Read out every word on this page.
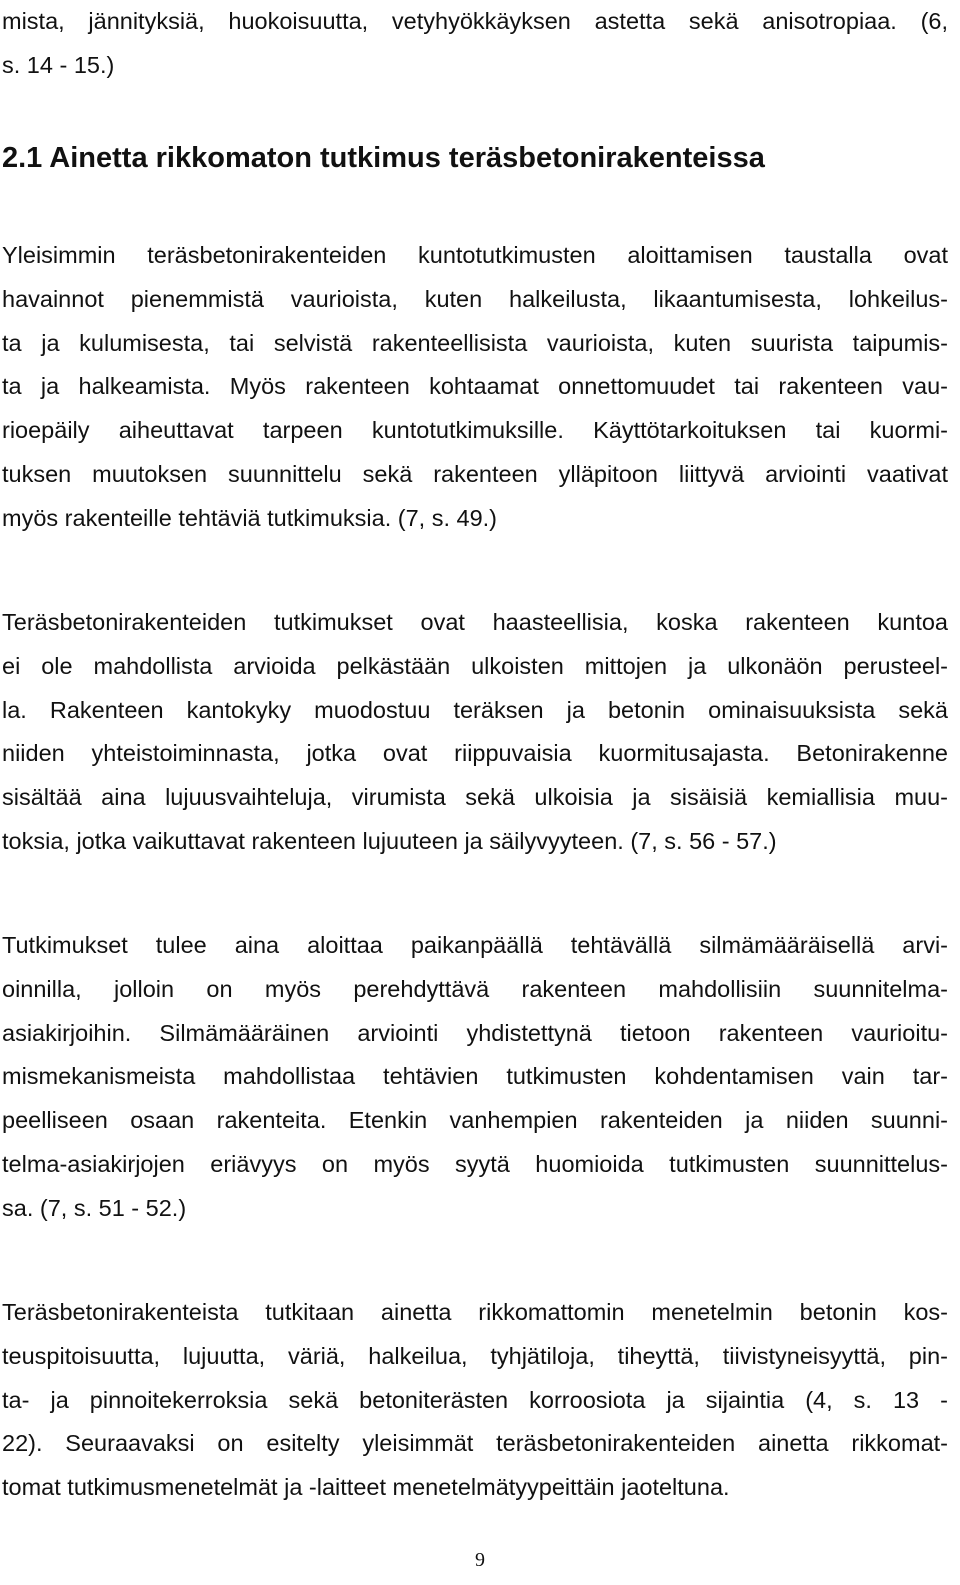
mista, jännityksiä, huokoisuutta, vetyhyökkäyksen astetta sekä anisotropiaa. (6,
s. 14 - 15.)
2.1 Ainetta rikkomaton tutkimus teräsbetonirakenteissa
Yleisimmin teräsbetonirakenteiden kuntotutkimusten aloittamisen taustalla ovat
havainnot pienemmistä vaurioista, kuten halkeilusta, likaantumisesta, lohkeilus-
ta ja kulumisesta, tai selvistä rakenteellisista vaurioista, kuten suurista taipumis-
ta ja halkeamista. Myös rakenteen kohtaamat onnettomuudet tai rakenteen vau-
rioepäily aiheuttavat tarpeen kuntotutkimuksille. Käyttötarkoituksen tai kuormi-
tuksen muutoksen suunnittelu sekä rakenteen ylläpitoon liittyvä arviointi vaativat
myös rakenteille tehtäviä tutkimuksia. (7, s. 49.)
Teräsbetonirakenteiden tutkimukset ovat haasteellisia, koska rakenteen kuntoa
ei ole mahdollista arvioida pelkästään ulkoisten mittojen ja ulkonäön perusteel-
la. Rakenteen kantokyky muodostuu teräksen ja betonin ominaisuuksista sekä
niiden yhteistoiminnasta, jotka ovat riippuvaisia kuormitusajasta. Betonirakenne
sisältää aina lujuusvaihteluja, virumista sekä ulkoisia ja sisäisiä kemiallisia muu-
toksia, jotka vaikuttavat rakenteen lujuuteen ja säilyvyyteen. (7, s. 56 - 57.)
Tutkimukset tulee aina aloittaa paikanpäällä tehtävällä silmämääräisellä arvi-
oinnilla, jolloin on myös perehdyttävä rakenteen mahdollisiin suunnitelma-
asiakirjoihin. Silmämääräinen arviointi yhdistettynä tietoon rakenteen vaurioitu-
mismekanismeista mahdollistaa tehtävien tutkimusten kohdentamisen vain tar-
peelliseen osaan rakenteita. Etenkin vanhempien rakenteiden ja niiden suunni-
telma-asiakirjojen eriävyys on myös syytä huomioida tutkimusten suunnittelus-
sa. (7, s. 51 - 52.)
Teräsbetonirakenteista tutkitaan ainetta rikkomattomin menetelmin betonin kos-
teuspitoisuutta, lujuutta, väriä, halkeilua, tyhjätiloja, tiheyttä, tiivistyneisyyttä, pin-
ta- ja pinnoitekerroksia sekä betoniterästen korroosiota ja sijaintia (4, s. 13 -
22). Seuraavaksi on esitelty yleisimmät teräsbetonirakenteiden ainetta rikkomat-
tomat tutkimusmenetelmät ja -laitteet menetelmätyypeittäin jaoteltuna.
9
